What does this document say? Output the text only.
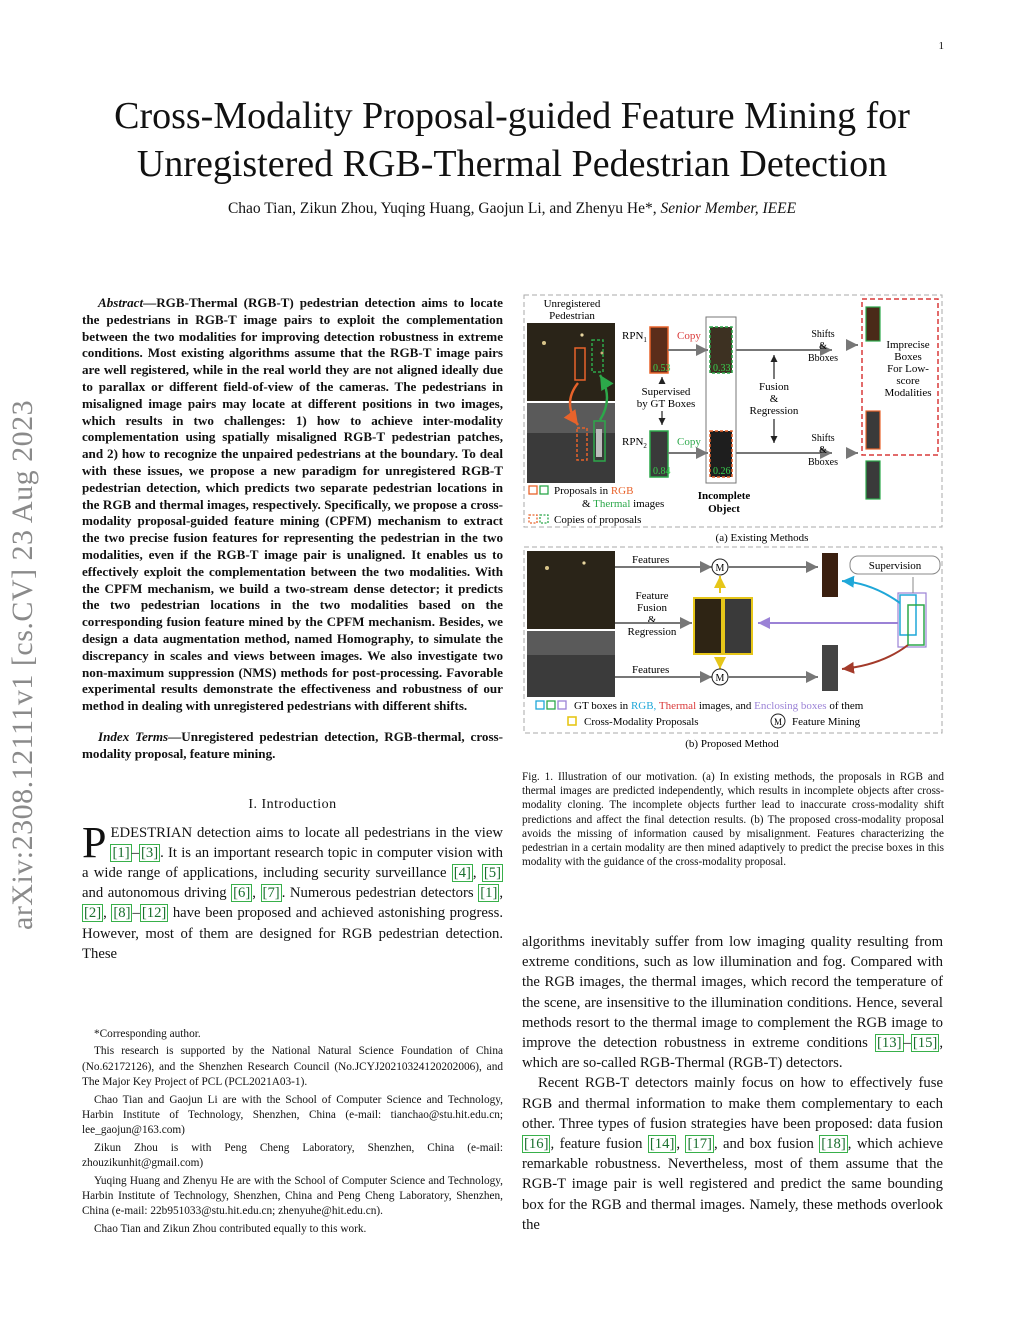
1
Cross-Modality Proposal-guided Feature Mining for
Unregistered RGB-Thermal Pedestrian Detection
Chao Tian, Zikun Zhou, Yuqing Huang, Gaojun Li, and Zhenyu He*, Senior Member, IEEE
arXiv:2308.12111v1 [cs.CV] 23 Aug 2023

Abstract—RGB-Thermal (RGB-T) pedestrian detection aims to locate the pedestrians in RGB-T image pairs to exploit the complementation between the two modalities for improving detection robustness in extreme conditions. Most existing algorithms assume that the RGB-T image pairs are well registered, while in the real world they are not aligned ideally due to parallax or different field-of-view of the cameras. The pedestrians in misaligned image pairs may locate at different positions in two images, which results in two challenges: 1) how to achieve inter-modality complementation using spatially misaligned RGB-T pedestrian patches, and 2) how to recognize the unpaired pedestrians at the boundary. To deal with these issues, we propose a new paradigm for unregistered RGB-T pedestrian detection, which predicts two separate pedestrian locations in the RGB and thermal images, respectively. Specifically, we propose a cross-modality proposal-guided feature mining (CPFM) mechanism to extract the two precise fusion features for representing the pedestrian in the two modalities, even if the RGB-T image pair is unaligned. It enables us to effectively exploit the complementation between the two modalities. With the CPFM mechanism, we build a two-stream dense detector; it predicts the two pedestrian locations in the two modalities based on the corresponding fusion feature mined by the CPFM mechanism. Besides, we design a data augmentation method, named Homography, to simulate the discrepancy in scales and views between images. We also investigate two non-maximum suppression (NMS) methods for post-processing. Favorable experimental results demonstrate the effectiveness and robustness of our method in dealing with unregistered pedestrians with different shifts.

Index Terms—Unregistered pedestrian detection, RGB-thermal, cross-modality proposal, feature mining.

I. Introduction

PEDESTRIAN detection aims to locate all pedestrians in the view [1] – [3] . It is an important research topic in computer vision with a wide range of applications, including security surveillance [4] , [5] and autonomous driving [6] , [7] . Numerous pedestrian detectors [1] , [2] , [8] – [12] have been proposed and achieved astonishing progress. However, most of them are designed for RGB pedestrian detection. These

*Corresponding author.

This research is supported by the National Natural Science Foundation of China (No.62172126), and the Shenzhen Research Council (No.JCYJ20210324120202006), and The Major Key Project of PCL (PCL2021A03-1).

Chao Tian and Gaojun Li are with the School of Computer Science and Technology, Harbin Institute of Technology, Shenzhen, China (e-mail: tianchao@stu.hit.edu.cn; lee_gaojun@163.com)

Zikun Zhou is with Peng Cheng Laboratory, Shenzhen, China (e-mail: zhouzikunhit@gmail.com)

Yuqing Huang and Zhenyu He are with the School of Computer Science and Technology, Harbin Institute of Technology, Shenzhen, China and Peng Cheng Laboratory, Shenzhen, China (e-mail: 22b951033@stu.hit.edu.cn; zhenyuhe@hit.edu.cn).

Chao Tian and Zikun Zhou contributed equally to this work.

Unregistered
Pedestrian
$RPN_1$	Copy
$RPN_2$	Copy
0.53	0.33
Supervised
by GT Boxes
0.84	0.26
Fusion
&
Regression
Shifts
&
Bboxes
Shifts
&
Bboxes
Imprecise
Boxes
For Low-
score
Modalities
Proposals in RGB
& Thermal images
Copies of proposals
Incomplete
Object
(a) Existing Methods
Features
Features
Feature
Fusion
&
Regression
M
M
Supervision
GT boxes in RGB, Thermal images, and Enclosing boxes of them
Cross-Modality Proposals	M Feature Mining
(b) Proposed Method
Fig. 1. Illustration of our motivation. (a) In existing methods, the proposals in RGB and thermal images are predicted independently, which results in incomplete objects after cross-modality cloning. The incomplete objects further lead to inaccurate cross-modality shift predictions and affect the final detection results. (b) The proposed cross-modality proposal avoids the missing of information caused by misalignment. Features characterizing the pedestrian in a certain modality are then mined adaptively to predict the precise boxes in this modality with the guidance of the cross-modality proposal.

algorithms inevitably suffer from low imaging quality resulting from extreme conditions, such as low illumination and fog. Compared with the RGB images, the thermal images, which record the temperature of the scene, are insensitive to the illumination conditions. Hence, several methods resort to the thermal image to complement the RGB image to improve the detection robustness in extreme conditions [13] – [15] , which are so-called RGB-Thermal (RGB-T) detectors.

Recent RGB-T detectors mainly focus on how to effectively fuse RGB and thermal information to make them complementary to each other. Three types of fusion strategies have been proposed: data fusion [16] , feature fusion [14] , [17] , and box fusion [18] , which achieve remarkable robustness. Nevertheless, most of them assume that the RGB-T image pair is well registered and predict the same bounding box for the RGB and thermal images. Namely, these methods overlook the
